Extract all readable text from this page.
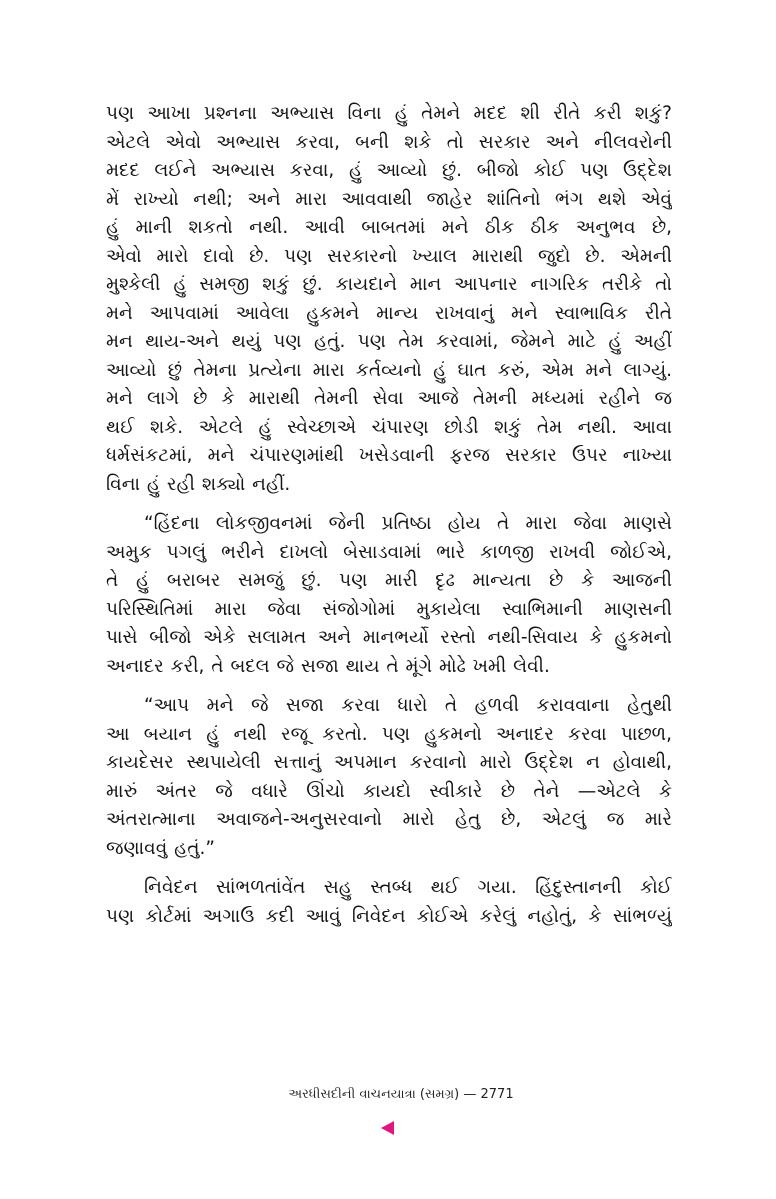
પણ આખા પ્રશ્નના અભ્યાસ વિના હું તેમને મદદ શી રીતે કરી શકું?
એટલે એવો અભ્યાસ કરવા, બની શકે તો સરકાર અને નીલવરોની
મદદ લઈને અભ્યાસ કરવા, હું આવ્યો છું. બીજો કોઈ પણ ઉદ્દેશ
મેં રાખ્યો નથી; અને મારા આવવાથી જાહેર શાંતિનો ભંગ થશે એવું
હું માની શકતો નથી. આવી બાબતમાં મને ઠીક ઠીક અનુભવ છે,
એવો મારો દાવો છે. પણ સરકારનો ખ્યાલ મારાથી જુદો છે. એમની
મુશ્કેલી હું સમજી શકું છું. કાયદાને માન આપનાર નાગરિક તરીકે તો
મને આપવામાં આવેલા હુકમને માન્ય રાખવાનું મને સ્વાભાવિક રીતે
મન થાય-અને થયું પણ હતું. પણ તેમ કરવામાં, જેમને માટે હું અહીં
આવ્યો છું તેમના પ્રત્યેના મારા કર્તવ્યનો હું ઘાત કરું, એમ મને લાગ્યું.
મને લાગે છે કે મારાથી તેમની સેવા આજે તેમની મધ્યમાં રહીને જ
થઈ શકે. એટલે હું સ્વેચ્છાએ ચંપારણ છોડી શકું તેમ નથી. આવા
ધર્મસંકટમાં, મને ચંપારણમાંથી ખસેડવાની ફરજ સરકાર ઉપર નાખ્યા
વિના હું રહી શક્યો નહીં.

“હિંદના લોકજીવનમાં જેની પ્રતિષ્ઠા હોય તે મારા જેવા માણસે
અમુક પગલું ભરીને દાખલો બેસાડવામાં ભારે કાળજી રાખવી જોઈએ,
તે હું બરાબર સમજું છું. પણ મારી દૃઢ માન્યતા છે કે આજની
પરિસ્થિતિમાં મારા જેવા સંજોગોમાં મુકાયેલા સ્વાભિમાની માણસની
પાસે બીજો એકે સલામત અને માનભર્યો રસ્તો નથી-સિવાય કે હુકમનો
અનાદર કરી, તે બદલ જે સજા થાય તે મૂંગે મોઢે ખમી લેવી.

“આપ મને જે સજા કરવા ધારો તે હળવી કરાવવાના હેતુથી
આ બયાન હું નથી રજૂ કરતો. પણ હુકમનો અનાદર કરવા પાછળ,
કાયદેસર સ્થપાયેલી સત્તાનું અપમાન કરવાનો મારો ઉદ્દેશ ન હોવાથી,
મારું અંતર જે વધારે ઊંચો કાયદો સ્વીકારે છે તેને —એટલે કે
અંતરાત્માના અવાજને-અનુસરવાનો મારો હેતુ છે, એટલું જ મારે
જણાવવું હતું.”

નિવેદન સાંભળતાંવેંત સહુ સ્તબ્ધ થઈ ગયા. હિંદુસ્તાનની કોઈ
પણ કોર્ટમાં અગાઉ કદી આવું નિવેદન કોઈએ કરેલું નહોતું, કે સાંભળ્યું

અરધીસદીની વાચનયાત્રા (સમગ્ર) — 2771
